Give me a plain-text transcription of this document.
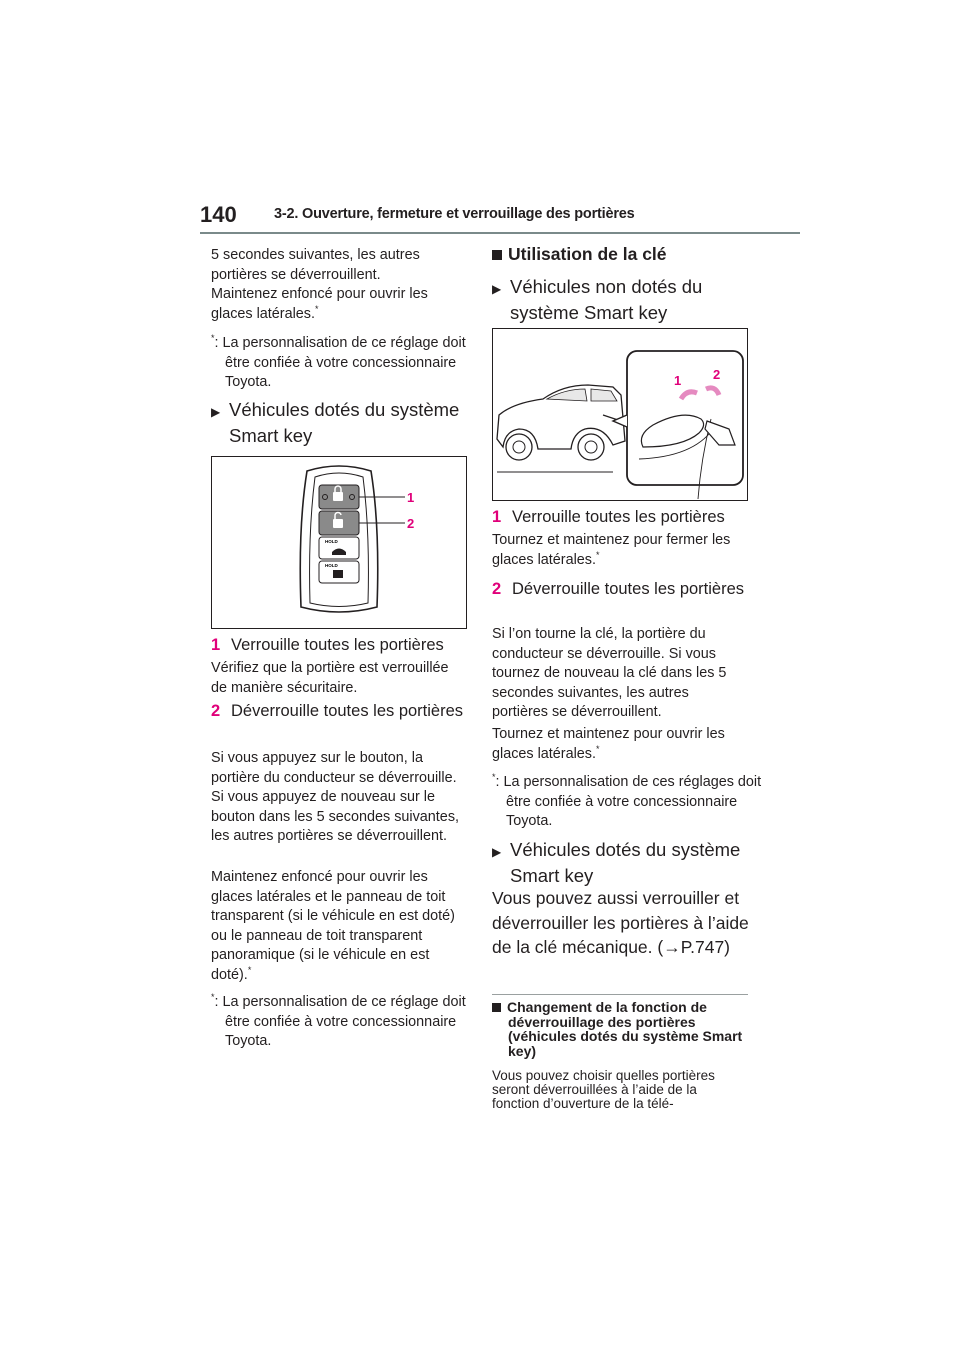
140	3-2. Ouverture, fermeture et verrouillage des portières

5 secondes suivantes, les autres portières se déverrouillent.

Maintenez enfoncé pour ouvrir les glaces latérales.*

*: La personnalisation de ce réglage doit être confiée à votre concessionnaire Toyota.
▶ Véhicules dotés du système Smart key
HOLD
HOLD
1
2
1 Verrouille toutes les portières

Vérifiez que la portière est verrouillée de manière sécuritaire.

2 Déverrouille toutes les portières

Si vous appuyez sur le bouton, la portière du conducteur se déverrouille. Si vous appuyez de nouveau sur le bouton dans les 5 secondes suivantes, les autres portières se déverrouillent.

Maintenez enfoncé pour ouvrir les glaces latérales et le panneau de toit transparent (si le véhicule en est doté) ou le panneau de toit transparent panoramique (si le véhicule en est doté).*

*: La personnalisation de ce réglage doit être confiée à votre concessionnaire Toyota.
Utilisation de la clé
▶ Véhicules non dotés du système Smart key
1 2
1 Verrouille toutes les portières

Tournez et maintenez pour fermer les glaces latérales.*

2 Déverrouille toutes les portières

Si l’on tourne la clé, la portière du conducteur se déverrouille. Si vous tournez de nouveau la clé dans les 5 secondes suivantes, les autres portières se déverrouillent.

Tournez et maintenez pour ouvrir les glaces latérales.*

*: La personnalisation de ces réglages doit être confiée à votre concessionnaire Toyota.
▶ Véhicules dotés du système Smart key

Vous pouvez aussi verrouiller et déverrouiller les portières à l’aide de la clé mécanique. (→P.747)

Changement de la fonction de déverrouillage des portières (véhicules dotés du système Smart key)

Vous pouvez choisir quelles portières seront déverrouillées à l’aide de la fonction d’ouverture de la télé-
